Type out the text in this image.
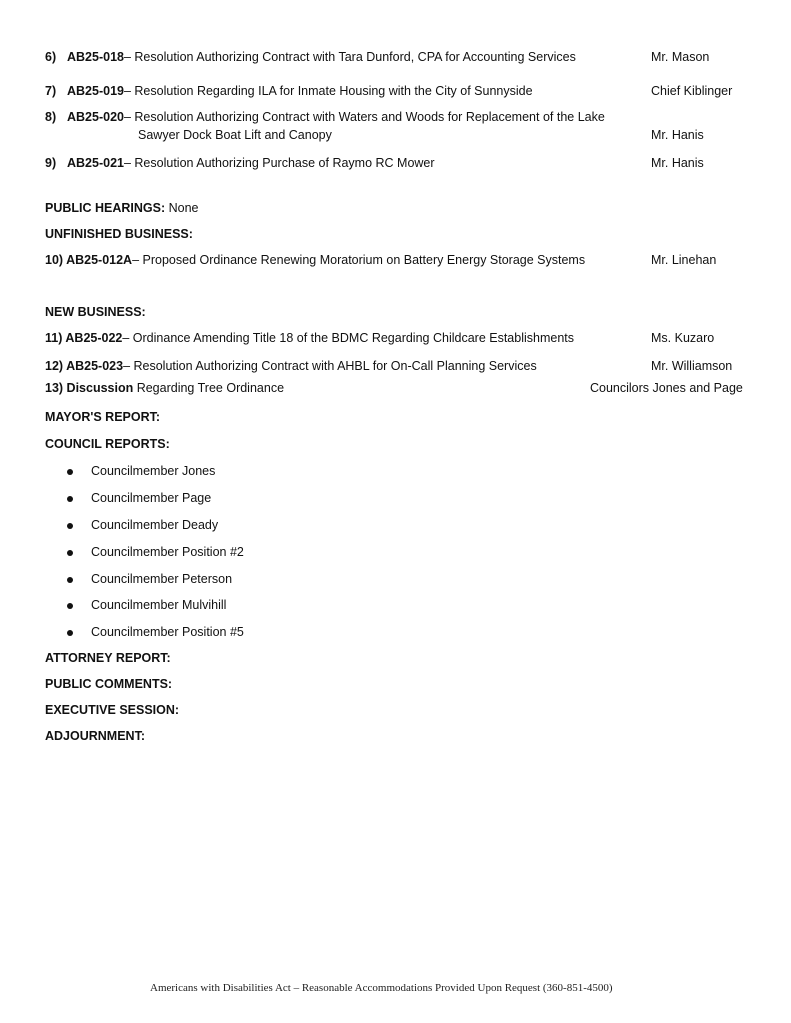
6) AB25-018– Resolution Authorizing Contract with Tara Dunford, CPA for Accounting Services	Mr. Mason
7) AB25-019– Resolution Regarding ILA for Inmate Housing with the City of Sunnyside	Chief Kiblinger
8) AB25-020– Resolution Authorizing Contract with Waters and Woods for Replacement of the Lake
Sawyer Dock Boat Lift and Canopy	Mr. Hanis
9) AB25-021– Resolution Authorizing Purchase of Raymo RC Mower	Mr. Hanis
PUBLIC HEARINGS: None
UNFINISHED BUSINESS:
10) AB25-012A– Proposed Ordinance Renewing Moratorium on Battery Energy Storage Systems	Mr. Linehan
NEW BUSINESS:
11) AB25-022– Ordinance Amending Title 18 of the BDMC Regarding Childcare Establishments	Ms. Kuzaro
12) AB25-023– Resolution Authorizing Contract with AHBL for On-Call Planning Services	Mr. Williamson
13) Discussion Regarding Tree Ordinance	Councilors Jones and Page
MAYOR'S REPORT:
COUNCIL REPORTS:
Councilmember Jones
Councilmember Page
Councilmember Deady
Councilmember Position #2
Councilmember Peterson
Councilmember Mulvihill
Councilmember Position #5
ATTORNEY REPORT:
PUBLIC COMMENTS:
EXECUTIVE SESSION:
ADJOURNMENT:
Americans with Disabilities Act – Reasonable Accommodations Provided Upon Request (360-851-4500)
